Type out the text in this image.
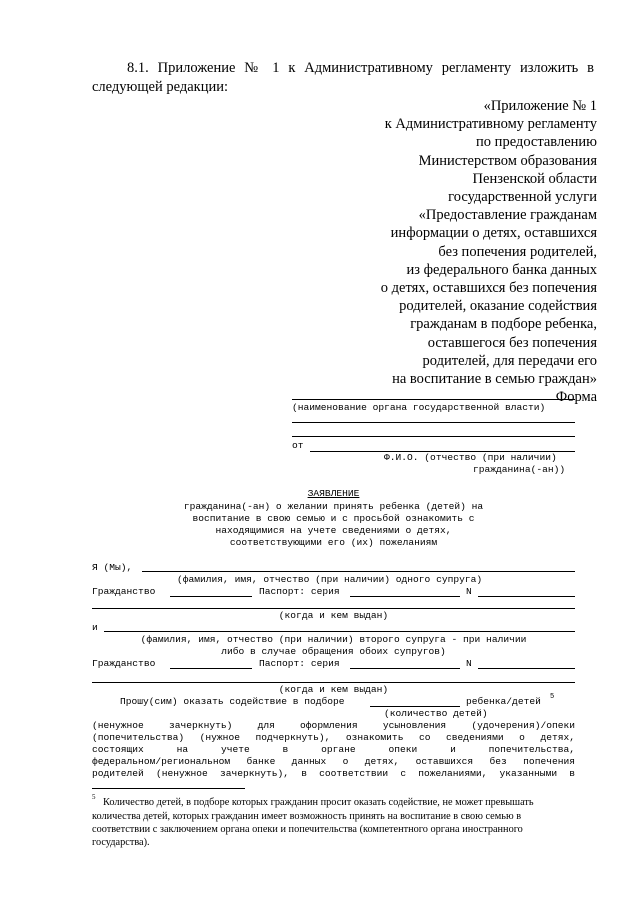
8.1. Приложение № 1 к Административному регламенту изложить в
следующей редакции:
«Приложение № 1
к Административному регламенту
по предоставлению
Министерством образования
Пензенской области
государственной услуги
«Предоставление гражданам
информации о детях, оставшихся
без попечения родителей,
из федерального банка данных
о детях, оставшихся без попечения
родителей, оказание содействия
гражданам в подборе ребенка,
оставшегося без попечения
родителей, для передачи его
на воспитание в семью граждан»
Форма
(наименование органа государственной власти)
от
Ф.И.О. (отчество (при наличии)
гражданина(-ан))
ЗАЯВЛЕНИЕ
гражданина(-ан) о желании принять ребенка (детей) на
воспитание в свою семью и с просьбой ознакомить с
находящимися на учете сведениями о детях,
соответствующими его (их) пожеланиям
Я (Мы),
(фамилия, имя, отчество (при наличии) одного супруга)
Гражданство	Паспорт: серия	N
(когда и кем выдан)
и
(фамилия, имя, отчество (при наличии) второго супруга - при наличии
либо в случае обращения обоих супругов)
Гражданство	Паспорт: серия	N
(когда и кем выдан)
Прошу(сим) оказать содействие в подборе	ребенка/детей 5
(количество детей)
(ненужное зачеркнуть) для оформления усыновления (удочерения)/опеки
(попечительства) (нужное подчеркнуть), ознакомить со сведениями о детях,
состоящих на учете в органе опеки и попечительства,
федеральном/региональном банке данных о детях, оставшихся без попечения
родителей (ненужное зачеркнуть), в соответствии с пожеланиями, указанными в
5 Количество детей, в подборе которых гражданин просит оказать содействие, не может превышать
количества детей, которых гражданин имеет возможность принять на воспитание в свою семью в
соответствии с заключением органа опеки и попечительства (компетентного органа иностранного
государства).
